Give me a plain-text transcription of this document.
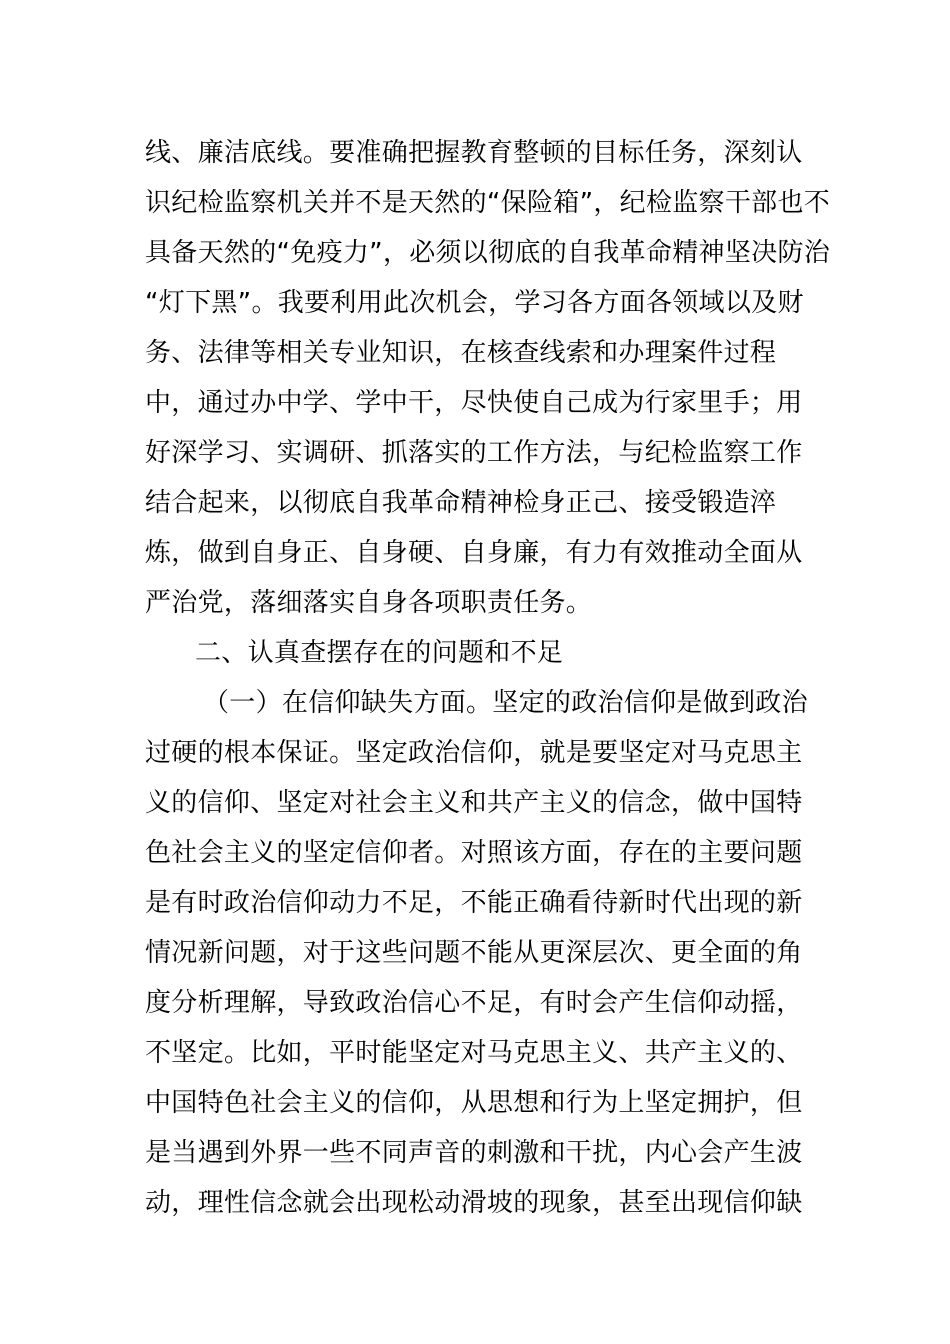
线、廉洁底线。要准确把握教育整顿的目标任务，深刻认
识纪检监察机关并不是天然的“保险箱”，纪检监察干部也不
具备天然的“免疫力”，必须以彻底的自我革命精神坚决防治
“灯下黑”。我要利用此次机会，学习各方面各领域以及财
务、法律等相关专业知识，在核查线索和办理案件过程
中，通过办中学、学中干，尽快使自己成为行家里手；用
好深学习、实调研、抓落实的工作方法，与纪检监察工作
结合起来，以彻底自我革命精神检身正己、接受锻造淬
炼，做到自身正、自身硬、自身廉，有力有效推动全面从
严治党，落细落实自身各项职责任务。
二、认真查摆存在的问题和不足
（一）在信仰缺失方面。坚定的政治信仰是做到政治
过硬的根本保证。坚定政治信仰，就是要坚定对马克思主
义的信仰、坚定对社会主义和共产主义的信念，做中国特
色社会主义的坚定信仰者。对照该方面，存在的主要问题
是有时政治信仰动力不足，不能正确看待新时代出现的新
情况新问题，对于这些问题不能从更深层次、更全面的角
度分析理解，导致政治信心不足，有时会产生信仰动摇，
不坚定。比如，平时能坚定对马克思主义、共产主义的、
中国特色社会主义的信仰，从思想和行为上坚定拥护，但
是当遇到外界一些不同声音的刺激和干扰，内心会产生波
动，理性信念就会出现松动滑坡的现象，甚至出现信仰缺
